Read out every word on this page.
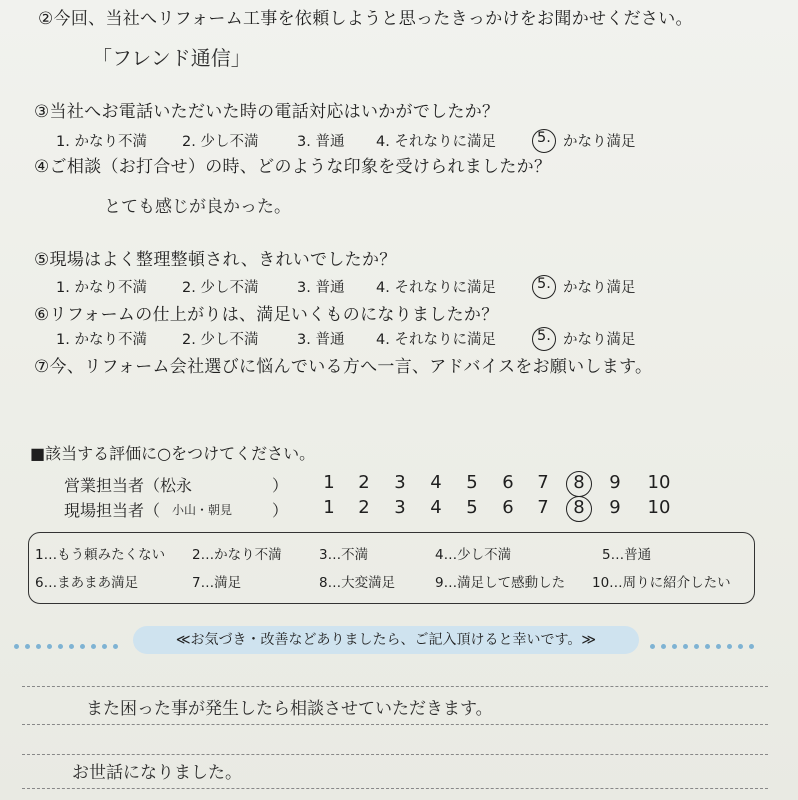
②今回、当社へリフォーム工事を依頼しようと思ったきっかけをお聞かせください。
「フレンド通信」
③当社へお電話いただいた時の電話対応はいかがでしたか？
1. かなり不満 2. 少し不満	3. 普通 4. それなりに満足	5. かなり満足
④ご相談（お打合せ）の時、どのような印象を受けられましたか？
とても感じが良かった。
⑤現場はよく整理整頓され、きれいでしたか？
1. かなり不満 2. 少し不満	3. 普通 4. それなりに満足	5. かなり満足
⑥リフォームの仕上がりは、満足いくものになりましたか？
1. かなり不満 2. 少し不満	3. 普通 4. それなりに満足	5. かなり満足
⑦今、リフォーム会社選びに悩んでいる方へ一言、アドバイスをお願いします。
■該当する評価に○をつけてください。
営業担当者（松永	）	1	2	3	4	5	6	7	8	9	10
現場担当者（ 小山・朝見 ）	1	2	3	4	5	6	7	8	9	10
1…もう頼みたくない 2…かなり不満	3…不満	4…少し不満	5…普通
6…まあまあ満足	7…満足	8…大変満足	9…満足して感動した 10…周りに紹介したい
≪お気づき・改善などありましたら、ご記入頂けると幸いです。≫
また困った事が発生したら相談させていただきます。
お世話になりました。
